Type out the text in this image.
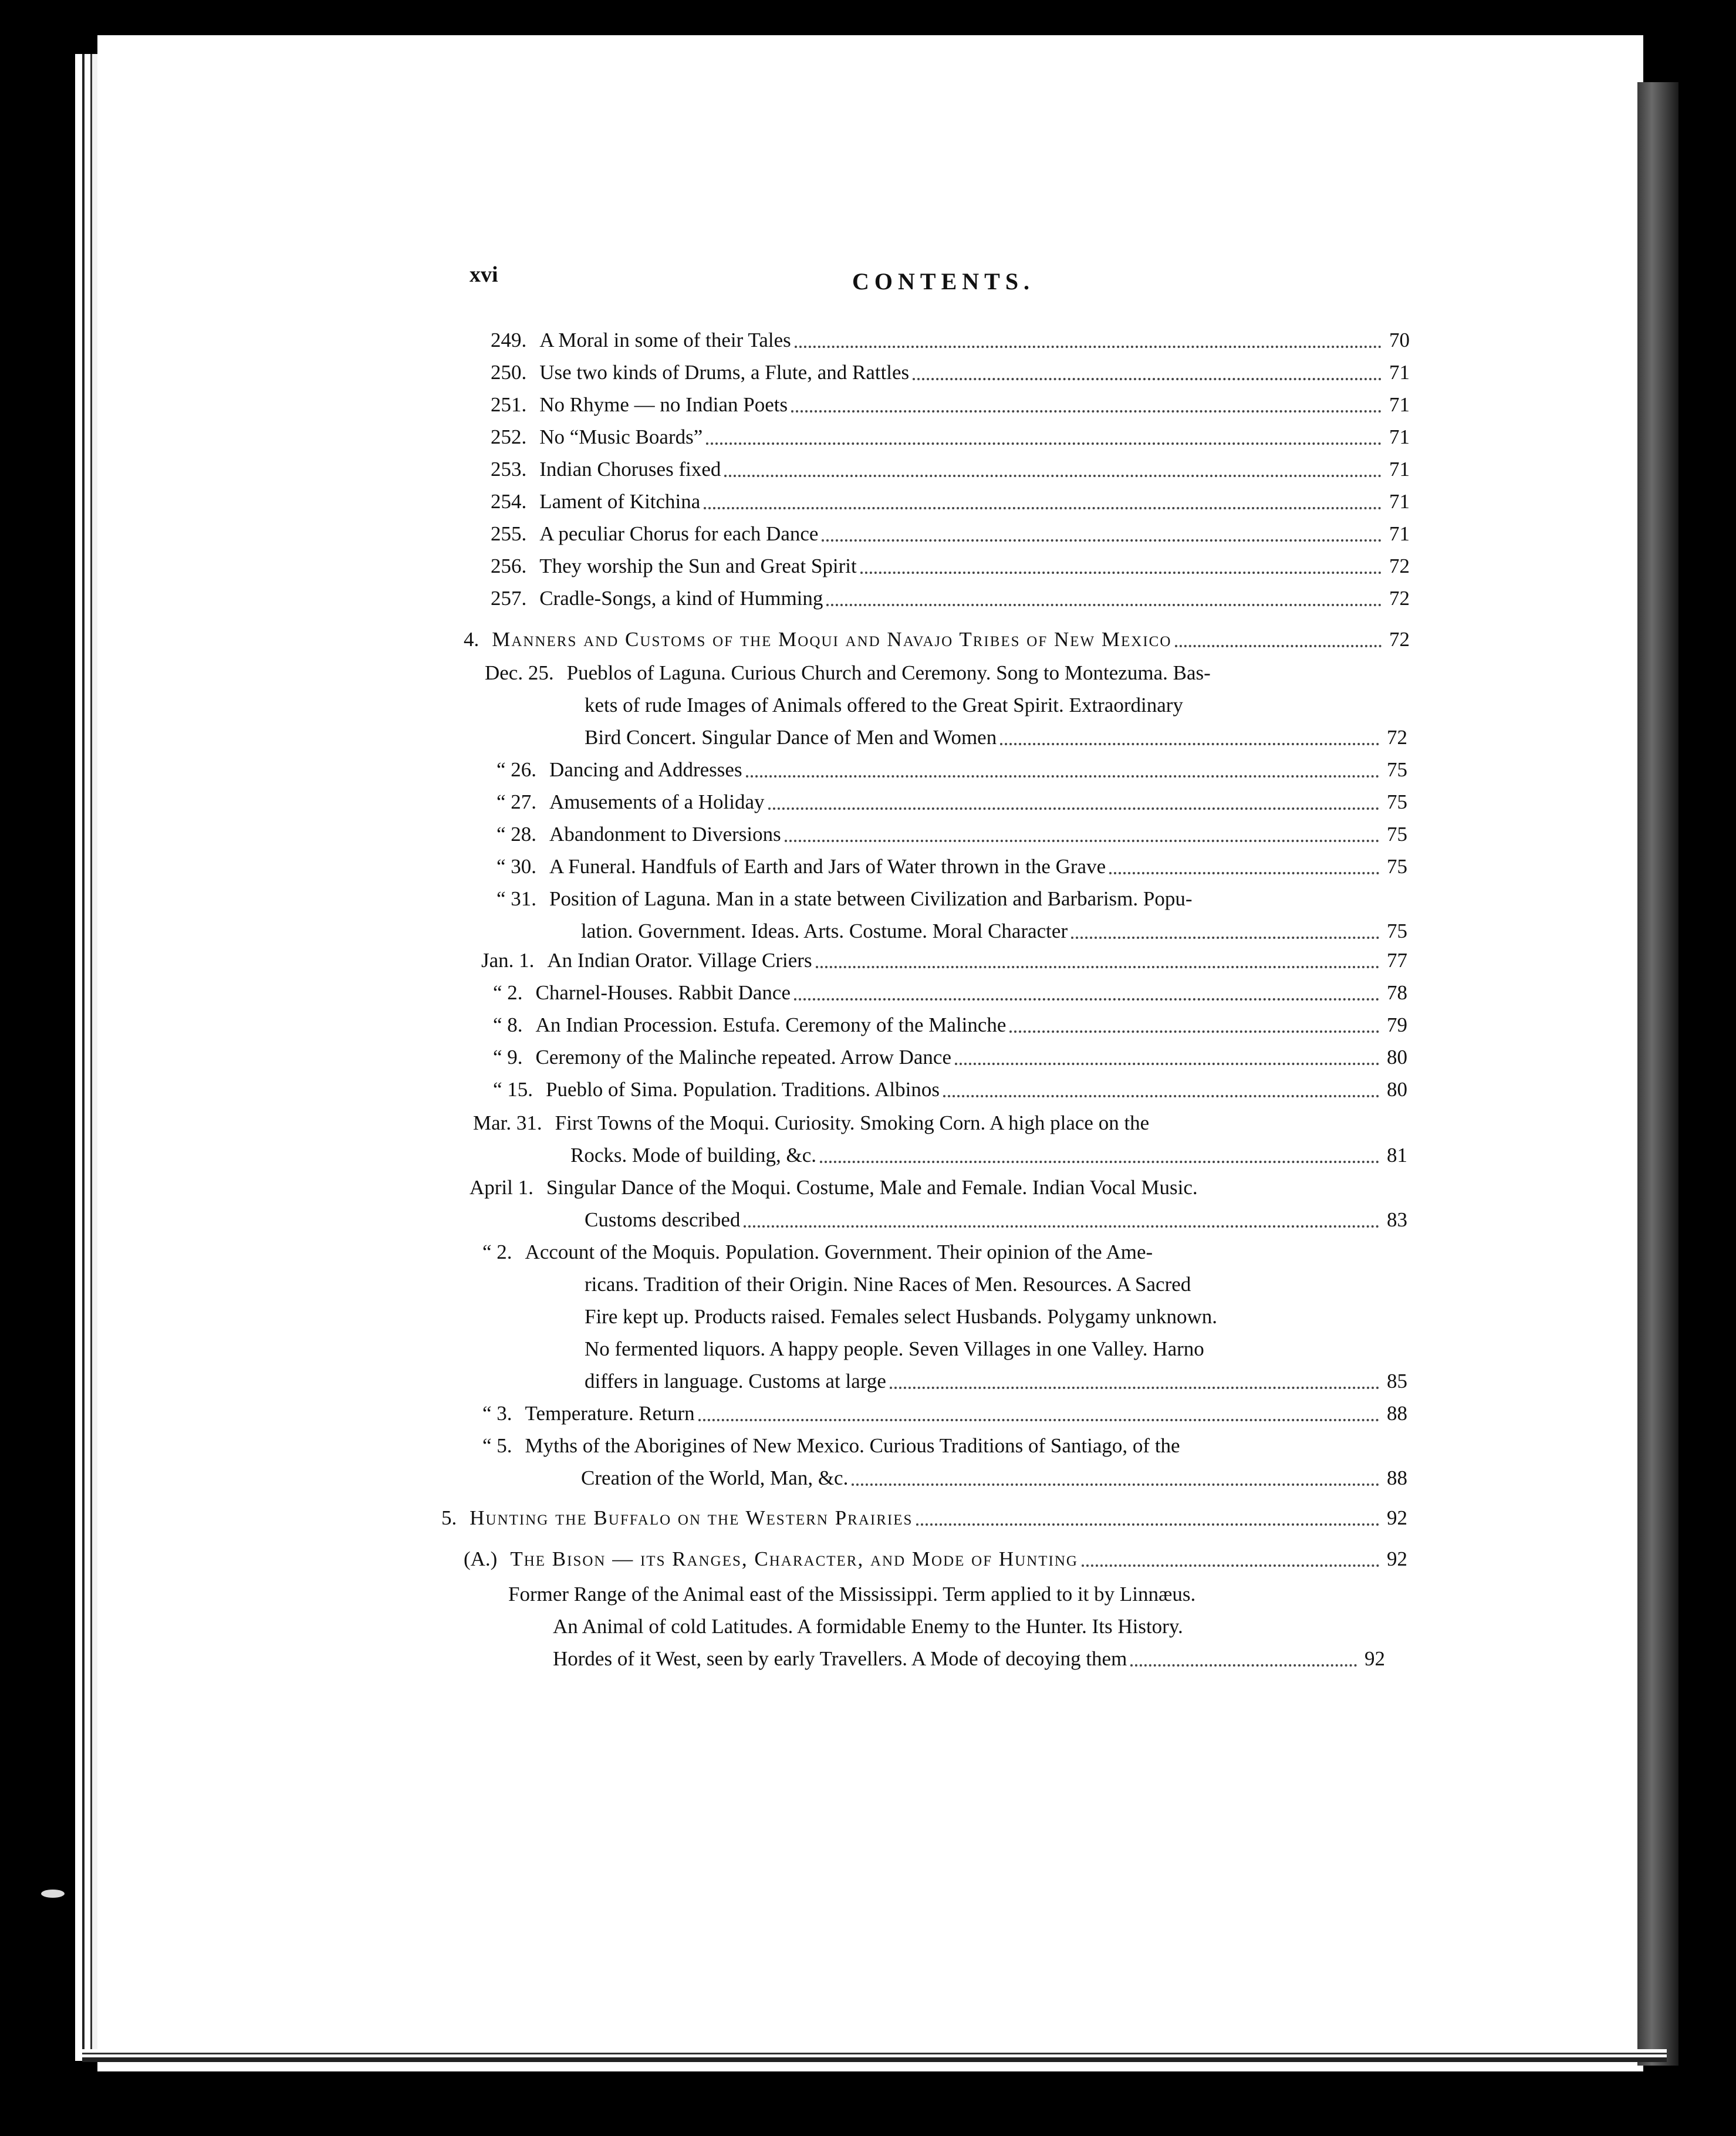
xvi	CONTENTS.
249. A Moral in some of their Tales	70
250. Use two kinds of Drums, a Flute, and Rattles	71
251. No Rhyme — no Indian Poets	71
252. No “Music Boards”	71
253. Indian Choruses fixed	71
254. Lament of Kitchina	71
255. A peculiar Chorus for each Dance	71
256. They worship the Sun and Great Spirit	72
257. Cradle-Songs, a kind of Humming	72
4. Manners and Customs of the Moqui and Navajo Tribes of New Mexico	72
Dec. 25. Pueblos of Laguna. Curious Church and Ceremony. Song to Montezuma. Bas-
kets of rude Images of Animals offered to the Great Spirit. Extraordinary
Bird Concert. Singular Dance of Men and Women	72
“ 26. Dancing and Addresses	75
“ 27. Amusements of a Holiday	75
“ 28. Abandonment to Diversions	75
“ 30. A Funeral. Handfuls of Earth and Jars of Water thrown in the Grave	75
“ 31. Position of Laguna. Man in a state between Civilization and Barbarism. Popu-
lation. Government. Ideas. Arts. Costume. Moral Character	75
Jan. 1. An Indian Orator. Village Criers	77
“ 2. Charnel-Houses. Rabbit Dance	78
“ 8. An Indian Procession. Estufa. Ceremony of the Malinche	79
“ 9. Ceremony of the Malinche repeated. Arrow Dance	80
“ 15. Pueblo of Sima. Population. Traditions. Albinos	80
Mar. 31. First Towns of the Moqui. Curiosity. Smoking Corn. A high place on the
Rocks. Mode of building, &c.	81
April 1. Singular Dance of the Moqui. Costume, Male and Female. Indian Vocal Music.
Customs described	83
“ 2. Account of the Moquis. Population. Government. Their opinion of the Ame-
ricans. Tradition of their Origin. Nine Races of Men. Resources. A Sacred
Fire kept up. Products raised. Females select Husbands. Polygamy unknown.
No fermented liquors. A happy people. Seven Villages in one Valley. Harno
differs in language. Customs at large	85
“ 3. Temperature. Return	88
“ 5. Myths of the Aborigines of New Mexico. Curious Traditions of Santiago, of the
Creation of the World, Man, &c.	88
5. Hunting the Buffalo on the Western Prairies	92
(A.) The Bison — its Ranges, Character, and Mode of Hunting	92
Former Range of the Animal east of the Mississippi. Term applied to it by Linnæus.
An Animal of cold Latitudes. A formidable Enemy to the Hunter. Its History.
Hordes of it West, seen by early Travellers. A Mode of decoying them	92
